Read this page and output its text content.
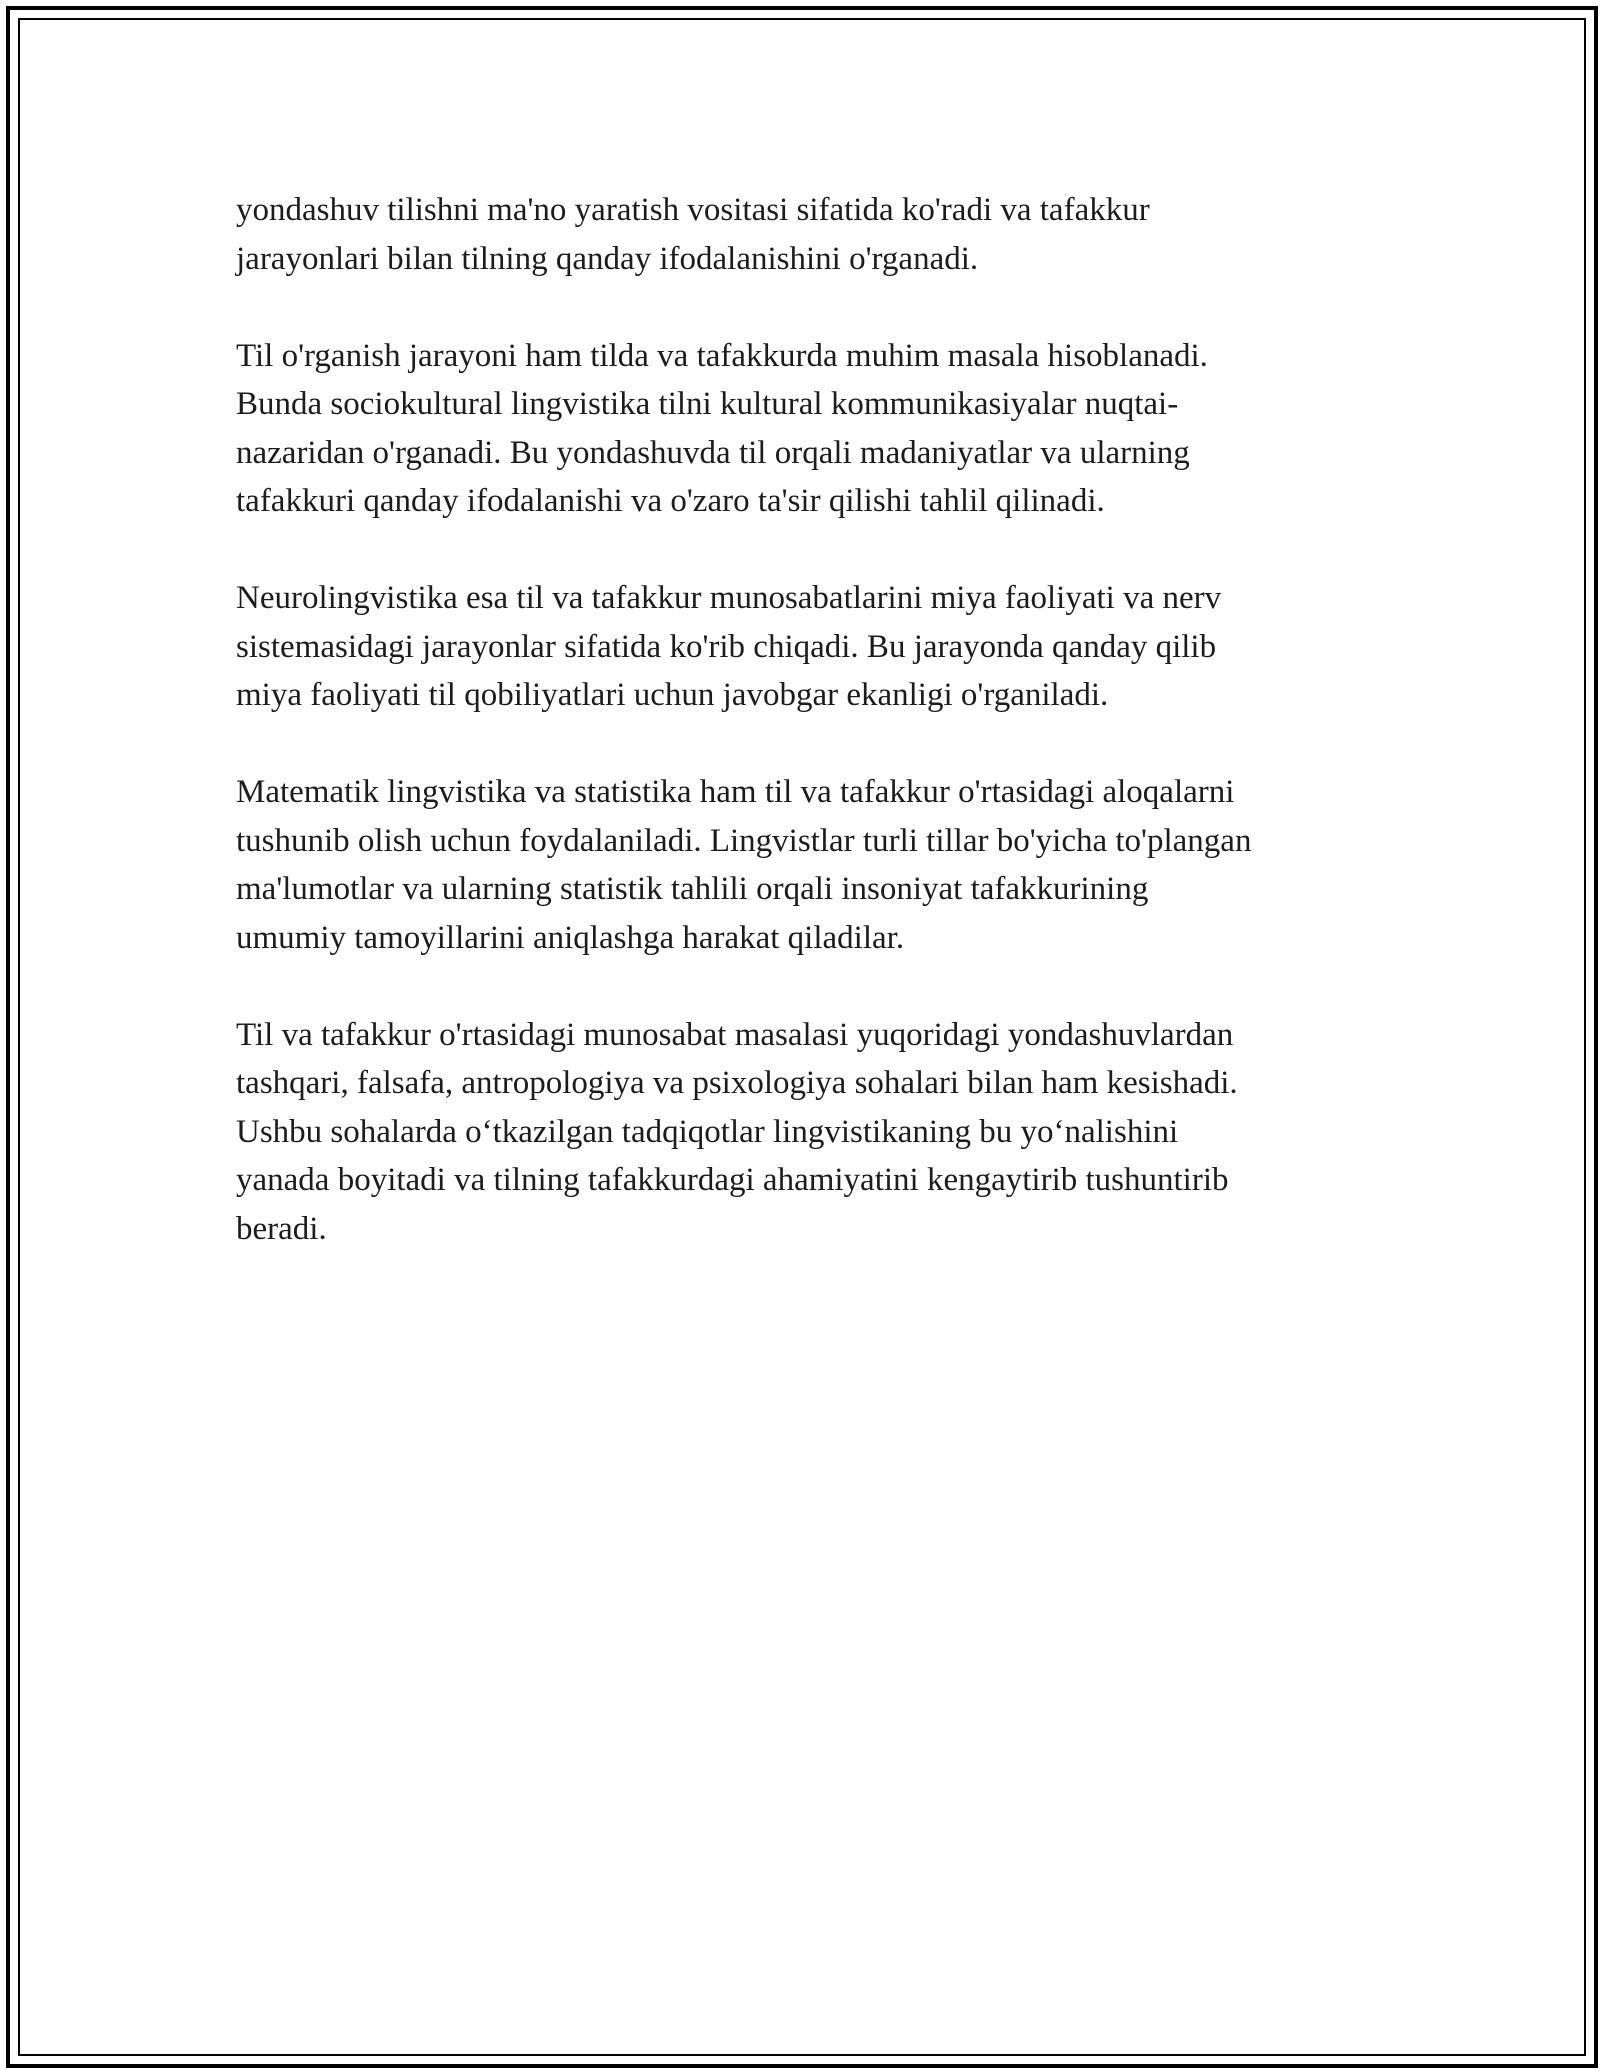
yondashuv tilishni ma'no yaratish vositasi sifatida ko'radi va tafakkur
jarayonlari bilan tilning qanday ifodalanishini o'rganadi.

Til o'rganish jarayoni ham tilda va tafakkurda muhim masala hisoblanadi.
Bunda sociokultural lingvistika tilni kultural kommunikasiyalar nuqtai-
nazaridan o'rganadi. Bu yondashuvda til orqali madaniyatlar va ularning
tafakkuri qanday ifodalanishi va o'zaro ta'sir qilishi tahlil qilinadi.

Neurolingvistika esa til va tafakkur munosabatlarini miya faoliyati va nerv
sistemasidagi jarayonlar sifatida ko'rib chiqadi. Bu jarayonda qanday qilib
miya faoliyati til qobiliyatlari uchun javobgar ekanligi o'rganiladi.

Matematik lingvistika va statistika ham til va tafakkur o'rtasidagi aloqalarni
tushunib olish uchun foydalaniladi. Lingvistlar turli tillar bo'yicha to'plangan
ma'lumotlar va ularning statistik tahlili orqali insoniyat tafakkurining
umumiy tamoyillarini aniqlashga harakat qiladilar.

Til va tafakkur o'rtasidagi munosabat masalasi yuqoridagi yondashuvlardan
tashqari, falsafa, antropologiya va psixologiya sohalari bilan ham kesishadi.
Ushbu sohalarda o‘tkazilgan tadqiqotlar lingvistikaning bu yo‘nalishini
yanada boyitadi va tilning tafakkurdagi ahamiyatini kengaytirib tushuntirib
beradi.
